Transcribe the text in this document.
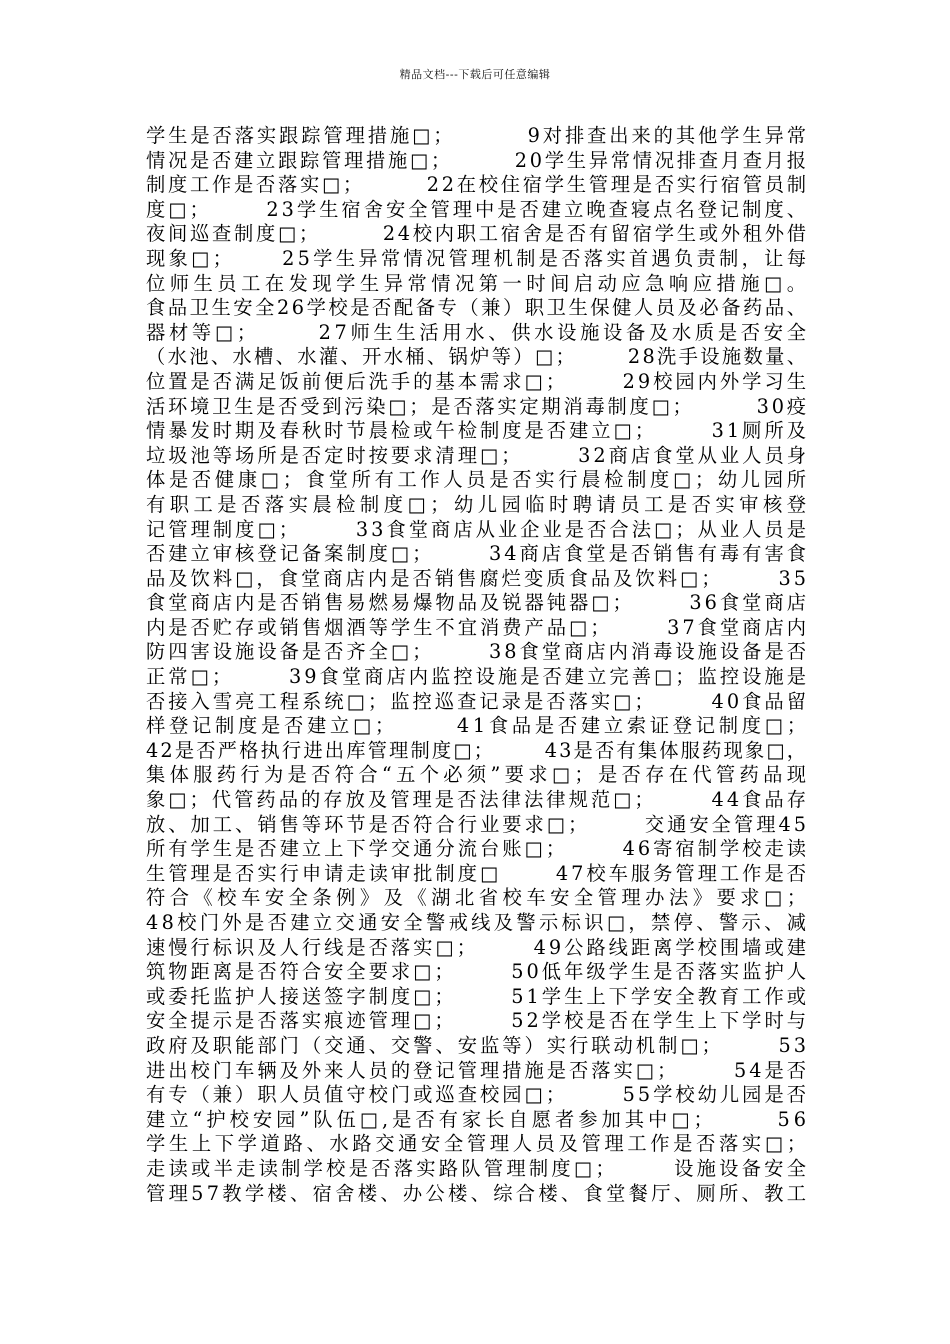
精品文档---下载后可任意编辑
学生是否落实跟踪管理措施□；        9对排查出来的其他学生异常
情况是否建立跟踪管理措施□；       20学生异常情况排查月查月报
制度工作是否落实□；       22在校住宿学生管理是否实行宿管员制
度□；      23学生宿舍安全管理中是否建立晚查寝点名登记制度、
夜间巡查制度□；       24校内职工宿舍是否有留宿学生或外租外借
现象□；     25学生异常情况管理机制是否落实首遇负责制，让每
位师生员工在发现学生异常情况第一时间启动应急响应措施□。
食品卫生安全26学校是否配备专（兼）职卫生保健人员及必备药品、
器材等□；      27师生生活用水、供水设施设备及水质是否安全
（水池、水槽、水灌、开水桶、锅炉等）□；      28洗手设施数量、
位置是否满足饭前便后洗手的基本需求□；      29校园内外学习生
活环境卫生是否受到污染□；是否落实定期消毒制度□；       30疫
情暴发时期及春秋时节晨检或午检制度是否建立□；      31厕所及
垃圾池等场所是否定时按要求清理□；      32商店食堂从业人员身
体是否健康□；食堂所有工作人员是否实行晨检制度□；幼儿园所
有职工是否落实晨检制度□；幼儿园临时聘请员工是否实审核登
记管理制度□；      33食堂商店从业企业是否合法□；从业人员是
否建立审核登记备案制度□；      34商店食堂是否销售有毒有害食
品及饮料□，食堂商店内是否销售腐烂变质食品及饮料□；      35
食堂商店内是否销售易燃易爆物品及锐器钝器□；      36食堂商店
内是否贮存或销售烟酒等学生不宜消费产品□；      37食堂商店内
防四害设施设备是否齐全□；      38食堂商店内消毒设施设备是否
正常□；      39食堂商店内监控设施是否建立完善□；监控设施是
否接入雪亮工程系统□；监控巡查记录是否落实□；      40食品留
样登记制度是否建立□；      41食品是否建立索证登记制度□；
42是否严格执行进出库管理制度□；      43是否有集体服药现象□，
集体服药行为是否符合“五个必须”要求□；是否存在代管药品现
象□；代管药品的存放及管理是否法律法律规范□；      44食品存
放、加工、销售等环节是否符合行业要求□；      交通安全管理45
所有学生是否建立上下学交通分流台账□；      46寄宿制学校走读
生管理是否实行申请走读审批制度□      47校车服务管理工作是否
符合《校车安全条例》及《湖北省校车安全管理办法》要求□；
48校门外是否建立交通安全警戒线及警示标识□，禁停、警示、减
速慢行标识及人行线是否落实□；      49公路线距离学校围墙或建
筑物距离是否符合安全要求□；      50低年级学生是否落实监护人
或委托监护人接送签字制度□；      51学生上下学安全教育工作或
安全提示是否落实痕迹管理□；      52学校是否在学生上下学时与
政府及职能部门（交通、交警、安监等）实行联动机制□；      53
进出校门车辆及外来人员的登记管理措施是否落实□；      54是否
有专（兼）职人员值守校门或巡查校园□；      55学校幼儿园是否
建立“护校安园”队伍□,是否有家长自愿者参加其中□；      56
学生上下学道路、水路交通安全管理人员及管理工作是否落实□；
走读或半走读制学校是否落实路队管理制度□；      设施设备安全
管理57教学楼、宿舍楼、办公楼、综合楼、食堂餐厅、厕所、教工
